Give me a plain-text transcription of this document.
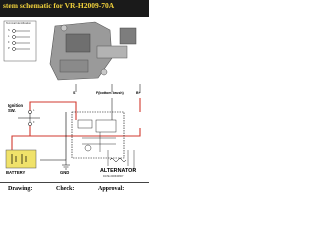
stem schematic for VR-H2009-70A
Terminal Identification
S
L
F
P
S	F(bottom brush)	B+
Ignition
SW.	L
F
BATTERY	GND	ALTERNATOR
DATE:2006/08/07
Drawing:	Check:	Approval:
